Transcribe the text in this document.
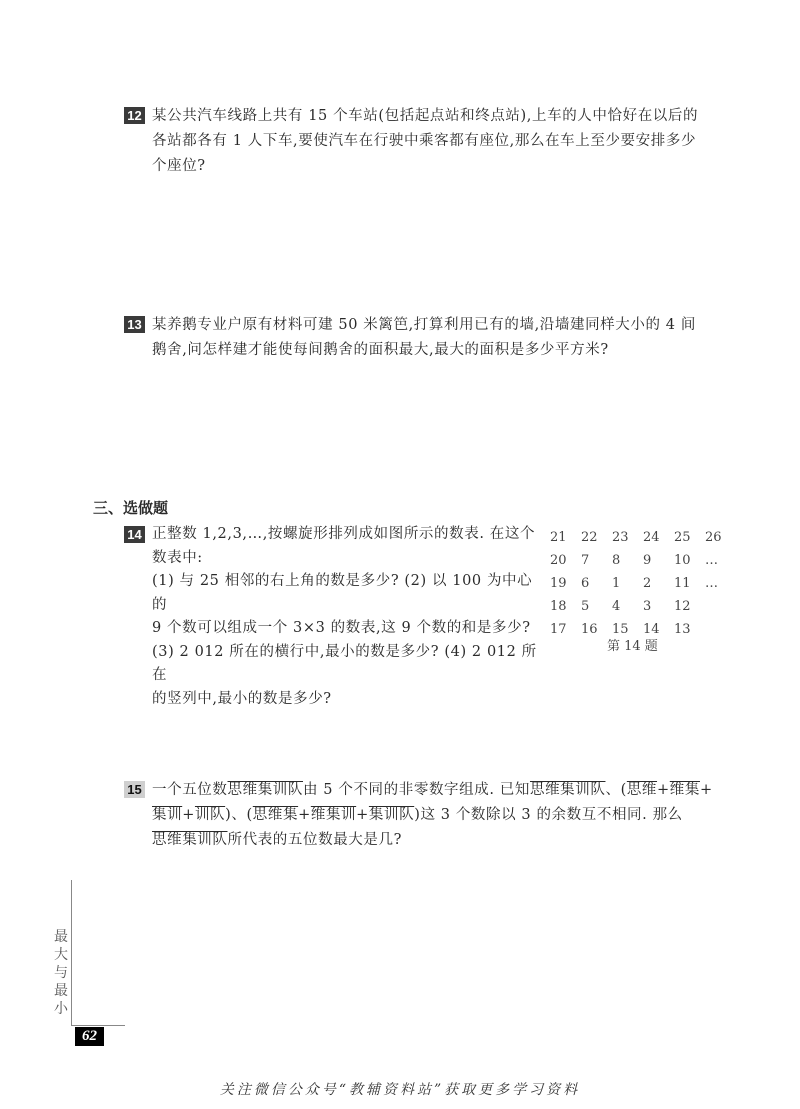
12 某公共汽车线路上共有 15 个车站(包括起点站和终点站),上车的人中恰好在以后的

各站都各有 1 人下车,要使汽车在行驶中乘客都有座位,那么在车上至少要安排多少

个座位?

13 某养鹅专业户原有材料可建 50 米篱笆,打算利用已有的墙,沿墙建同样大小的 4 间

鹅舍,问怎样建才能使每间鹅舍的面积最大,最大的面积是多少平方米?

三、选做题
14 正整数 1,2,3,…,按螺旋形排列成如图所示的数表. 在这个

数表中:

(1) 与 25 相邻的右上角的数是多少? (2) 以 100 为中心的

9 个数可以组成一个 3×3 的数表,这 9 个数的和是多少?

(3) 2 012 所在的横行中,最小的数是多少? (4) 2 012 所在

的竖列中,最小的数是多少?

21	22	23	24	25	26
20	7	8	9	10	…
19	6	1	2	11	…
18	5	4	3	12	
17	16	15	14	13	
第 14 题
15 一个五位数思维集训队由 5 个不同的非零数字组成. 已知思维集训队、(思维+维集+

集训+训队)、(思维集+维集训+集训队)这 3 个数除以 3 的余数互不相同. 那么

思维集训队所代表的五位数最大是几?

最大与最小
62
关注微信公众号“教辅资料站”获取更多学习资料
